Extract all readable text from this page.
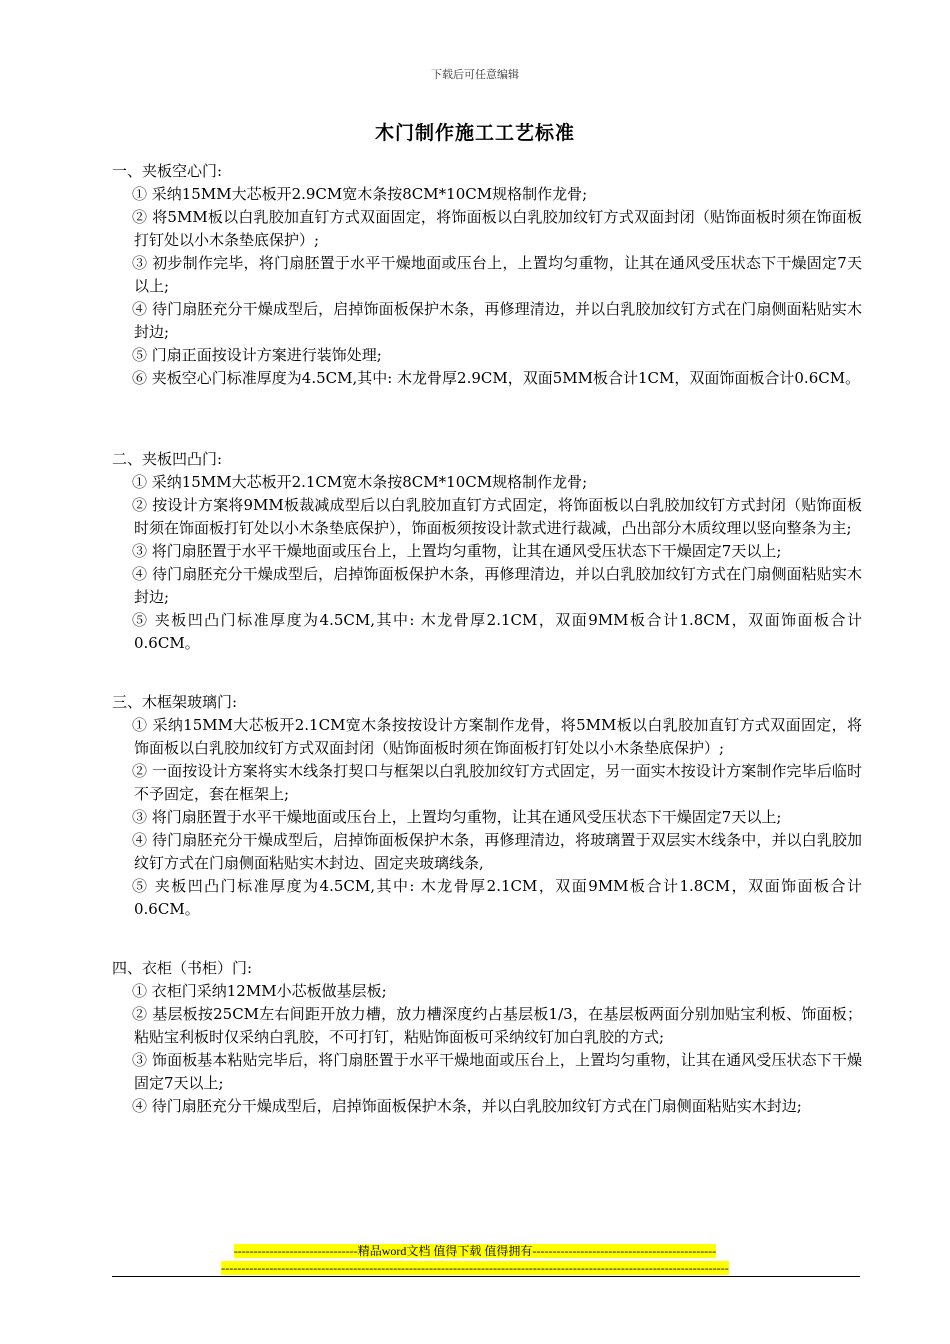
下载后可任意编辑
木门制作施工工艺标准
一、夹板空心门:
① 采纳15MM大芯板开2.9CM宽木条按8CM*10CM规格制作龙骨;
② 将5MM板以白乳胶加直钉方式双面固定，将饰面板以白乳胶加纹钉方式双面封闭（贴饰面板时须在饰面板打钉处以小木条垫底保护）;
③ 初步制作完毕，将门扇胚置于水平干燥地面或压台上，上置均匀重物，让其在通风受压状态下干燥固定7天以上;
④ 待门扇胚充分干燥成型后，启掉饰面板保护木条，再修理清边，并以白乳胶加纹钉方式在门扇侧面粘贴实木封边;
⑤ 门扇正面按设计方案进行装饰处理;
⑥ 夹板空心门标准厚度为4.5CM,其中: 木龙骨厚2.9CM，双面5MM板合计1CM，双面饰面板合计0.6CM。
二、夹板凹凸门:
① 采纳15MM大芯板开2.1CM宽木条按8CM*10CM规格制作龙骨;
② 按设计方案将9MM板裁减成型后以白乳胶加直钉方式固定，将饰面板以白乳胶加纹钉方式封闭（贴饰面板时须在饰面板打钉处以小木条垫底保护），饰面板须按设计款式进行裁减，凸出部分木质纹理以竖向整条为主;
③ 将门扇胚置于水平干燥地面或压台上，上置均匀重物，让其在通风受压状态下干燥固定7天以上;
④ 待门扇胚充分干燥成型后，启掉饰面板保护木条，再修理清边，并以白乳胶加纹钉方式在门扇侧面粘贴实木封边;
⑤ 夹板凹凸门标准厚度为4.5CM,其中: 木龙骨厚2.1CM，双面9MM板合计1.8CM，双面饰面板合计0.6CM。
三、木框架玻璃门:
① 采纳15MM大芯板开2.1CM宽木条按按设计方案制作龙骨，将5MM板以白乳胶加直钉方式双面固定，将饰面板以白乳胶加纹钉方式双面封闭（贴饰面板时须在饰面板打钉处以小木条垫底保护）;
② 一面按设计方案将实木线条打契口与框架以白乳胶加纹钉方式固定，另一面实木按设计方案制作完毕后临时不予固定，套在框架上;
③ 将门扇胚置于水平干燥地面或压台上，上置均匀重物，让其在通风受压状态下干燥固定7天以上;
④ 待门扇胚充分干燥成型后，启掉饰面板保护木条，再修理清边，将玻璃置于双层实木线条中，并以白乳胶加纹钉方式在门扇侧面粘贴实木封边、固定夹玻璃线条,
⑤ 夹板凹凸门标准厚度为4.5CM,其中: 木龙骨厚2.1CM，双面9MM板合计1.8CM，双面饰面板合计0.6CM。
四、衣柜（书柜）门:
① 衣柜门采纳12MM小芯板做基层板;
② 基层板按25CM左右间距开放力槽，放力槽深度约占基层板1/3，在基层板两面分别加贴宝利板、饰面板；粘贴宝利板时仅采纳白乳胶，不可打钉，粘贴饰面板可采纳纹钉加白乳胶的方式;
③ 饰面板基本粘贴完毕后，将门扇胚置于水平干燥地面或压台上，上置均匀重物，让其在通风受压状态下干燥固定7天以上;
④ 待门扇胚充分干燥成型后，启掉饰面板保护木条，并以白乳胶加纹钉方式在门扇侧面粘贴实木封边;
-------------------------------精品word文档 值得下载 值得拥有----------------------------------------------
-------------------------------------------------------------------------------------------------------------------------------
